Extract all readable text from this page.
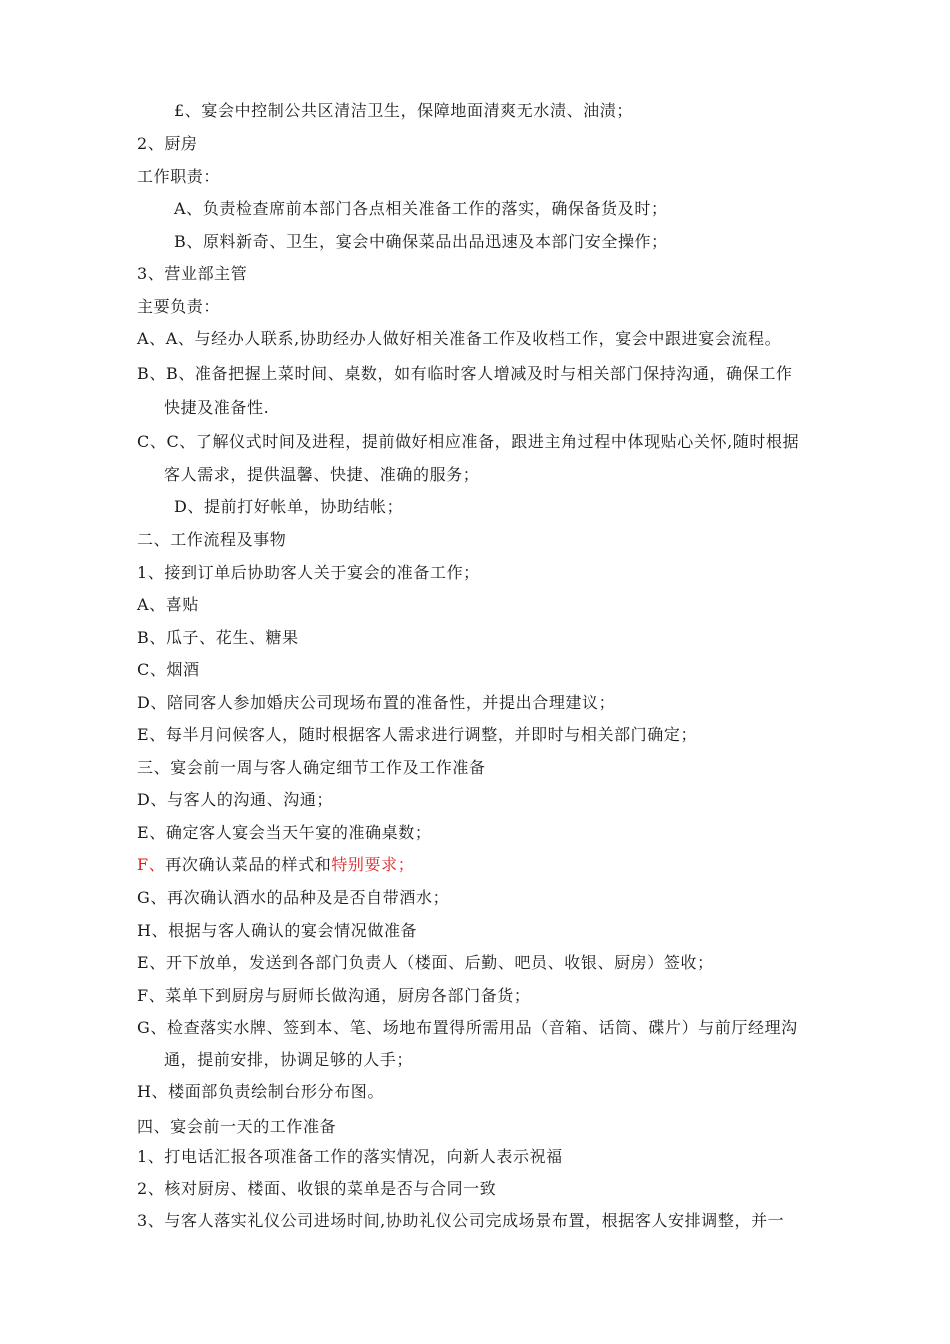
£、宴会中控制公共区清洁卫生，保障地面清爽无水渍、油渍；
2、厨房
工作职责：
A、负责检查席前本部门各点相关准备工作的落实，确保备货及时；
B、原料新奇、卫生，宴会中确保菜品出品迅速及本部门安全操作；
3、营业部主管
主要负责：
A、A、与经办人联系,协助经办人做好相关准备工作及收档工作，宴会中跟进宴会流程。
B、B、准备把握上菜时间、桌数，如有临时客人增减及时与相关部门保持沟通，确保工作
快捷及准备性.
C、C、了解仪式时间及进程，提前做好相应准备，跟进主角过程中体现贴心关怀,随时根据
客人需求，提供温馨、快捷、准确的服务；
D、提前打好帐单，协助结帐；
二、工作流程及事物
1、接到订单后协助客人关于宴会的准备工作；
A、喜贴
B、瓜子、花生、糖果
C、烟酒
D、陪同客人参加婚庆公司现场布置的准备性，并提出合理建议；
E、每半月问候客人，随时根据客人需求进行调整，并即时与相关部门确定；
三、宴会前一周与客人确定细节工作及工作准备
D、与客人的沟通、沟通；
E、确定客人宴会当天午宴的准确桌数；
F、再次确认菜品的样式和特别要求；
G、再次确认酒水的品种及是否自带酒水；
H、根据与客人确认的宴会情况做准备
E、开下放单，发送到各部门负责人（楼面、后勤、吧员、收银、厨房）签收；
F、菜单下到厨房与厨师长做沟通，厨房各部门备货；
G、检查落实水牌、签到本、笔、场地布置得所需用品（音箱、话筒、碟片）与前厅经理沟
通，提前安排，协调足够的人手；
H、楼面部负责绘制台形分布图。
四、宴会前一天的工作准备
1、打电话汇报各项准备工作的落实情况，向新人表示祝福
2、核对厨房、楼面、收银的菜单是否与合同一致
3、与客人落实礼仪公司进场时间,协助礼仪公司完成场景布置，根据客人安排调整，并一
